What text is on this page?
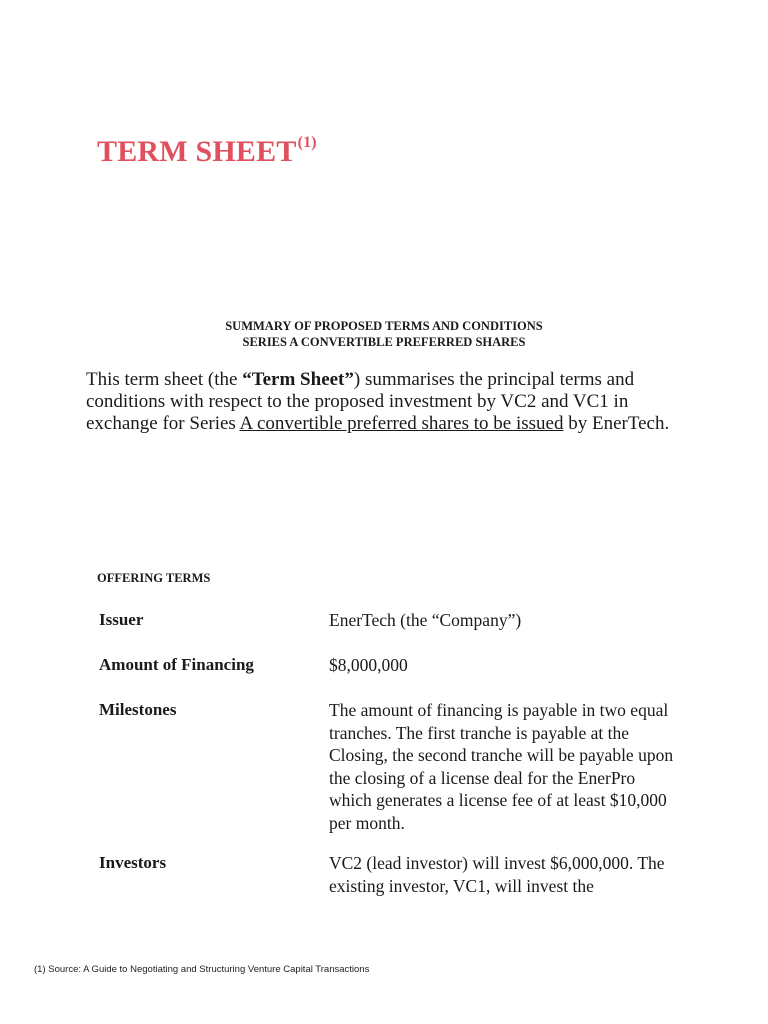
TERM SHEET$^{(1)}$
SUMMARY OF PROPOSED TERMS AND CONDITIONS
SERIES A CONVERTIBLE PREFERRED SHARES
This term sheet (the “Term Sheet”) summarises the principal terms and conditions with respect to the proposed investment by VC2 and VC1 in exchange for Series A convertible preferred shares to be issued by EnerTech.
OFFERING TERMS
Issuer	EnerTech (the “Company”)
Amount of Financing	$8,000,000
Milestones	The amount of financing is payable in two equal tranches. The first tranche is payable at the Closing, the second tranche will be payable upon the closing of a license deal for the EnerPro which generates a license fee of at least $10,000 per month.
Investors	VC2 (lead investor) will invest $6,000,000. The existing investor, VC1, will invest the
(1) Source: A Guide to Negotiating and Structuring Venture Capital Transactions
